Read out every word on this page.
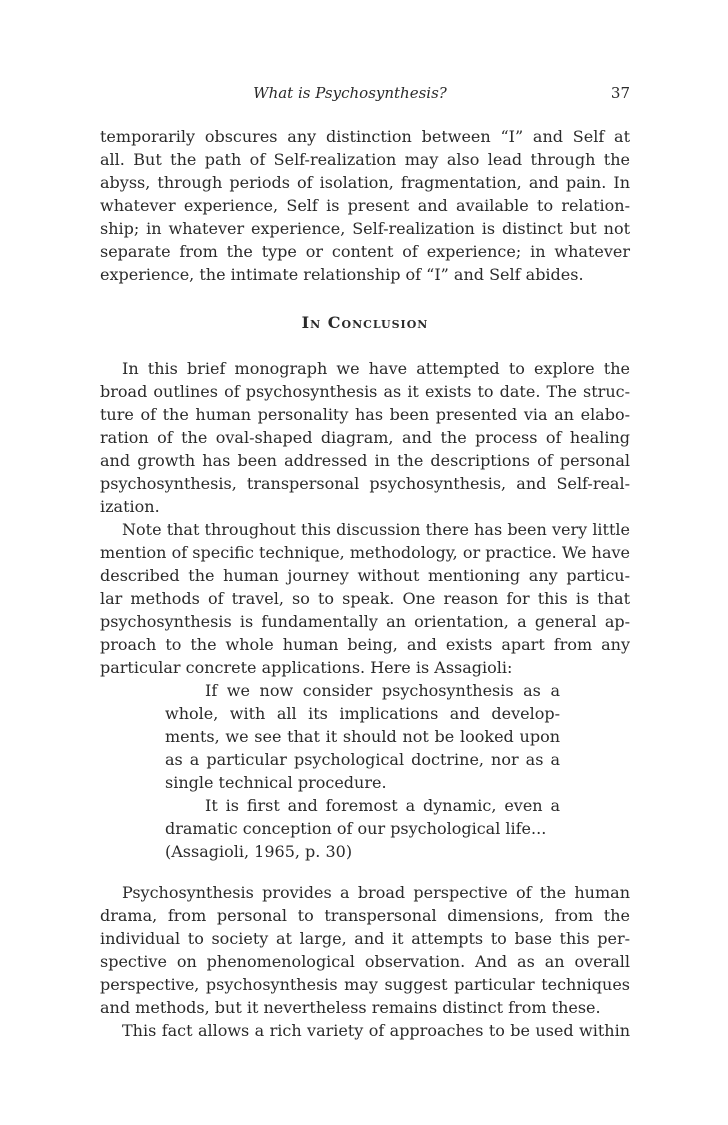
What is Psychosynthesis?	37
temporarily obscures any distinction between “I” and Self at
all. But the path of Self-realization may also lead through the
abyss, through periods of isolation, fragmentation, and pain. In
whatever experience, Self is present and available to relation-
ship; in whatever experience, Self-realization is distinct but not
separate from the type or content of experience; in whatever
experience, the intimate relationship of “I” and Self abides.
In Conclusion
In this brief monograph we have attempted to explore the
broad outlines of psychosynthesis as it exists to date. The struc-
ture of the human personality has been presented via an elabo-
ration of the oval-shaped diagram, and the process of healing
and growth has been addressed in the descriptions of personal
psychosynthesis, transpersonal psychosynthesis, and Self-real-
ization.
Note that throughout this discussion there has been very little
mention of specific technique, methodology, or practice. We have
described the human journey without mentioning any particu-
lar methods of travel, so to speak. One reason for this is that
psychosynthesis is fundamentally an orientation, a general ap-
proach to the whole human being, and exists apart from any
particular concrete applications. Here is Assagioli:
If we now consider psychosynthesis as a
whole, with all its implications and develop-
ments, we see that it should not be looked upon
as a particular psychological doctrine, nor as a
single technical procedure.
It is first and foremost a dynamic, even a
dramatic conception of our psychological life...
(Assagioli, 1965, p. 30)
Psychosynthesis provides a broad perspective of the human
drama, from personal to transpersonal dimensions, from the
individual to society at large, and it attempts to base this per-
spective on phenomenological observation. And as an overall
perspective, psychosynthesis may suggest particular techniques
and methods, but it nevertheless remains distinct from these.
This fact allows a rich variety of approaches to be used within
